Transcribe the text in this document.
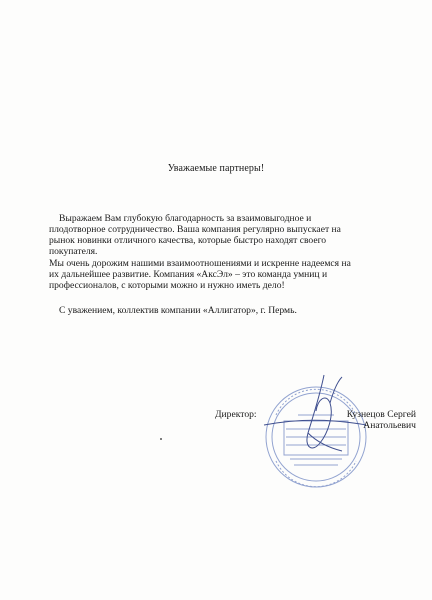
Уважаемые партнеры!
Выражаем Вам глубокую благодарность за взаимовыгодное и
плодотворное сотрудничество. Ваша компания регулярно выпускает на
рынок новинки отличного качества, которые быстро находят своего
покупателя.
Мы очень дорожим нашими взаимоотношениями и искренне надеемся на
их дальнейшее развитие. Компания «АксЭл» – это команда умниц и
профессионалов, с которыми можно и нужно иметь дело!
С уважением, коллектив компании «Аллигатор», г. Пермь.
Директор:	Кузнецов Сергей
Анатольевич
